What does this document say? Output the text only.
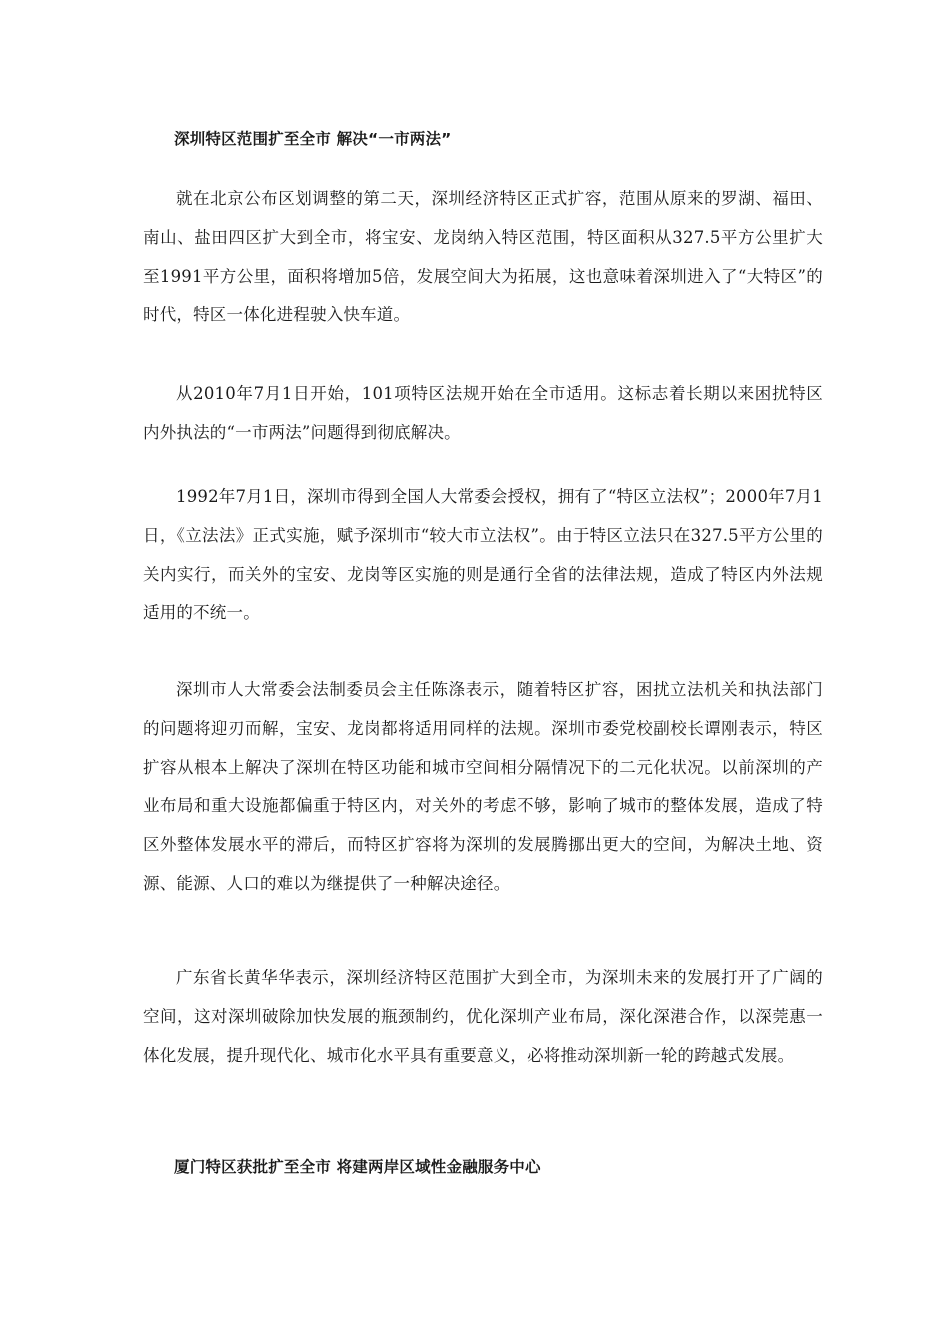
深圳特区范围扩至全市 解决“一市两法”

就在北京公布区划调整的第二天，深圳经济特区正式扩容，范围从原来的罗湖、福田、南山、盐田四区扩大到全市，将宝安、龙岗纳入特区范围，特区面积从327.5平方公里扩大至1991平方公里，面积将增加5倍，发展空间大为拓展，这也意味着深圳进入了“大特区”的时代，特区一体化进程驶入快车道。

从2010年7月1日开始，101项特区法规开始在全市适用。这标志着长期以来困扰特区内外执法的“一市两法”问题得到彻底解决。

1992年7月1日，深圳市得到全国人大常委会授权，拥有了“特区立法权”；2000年7月1日，《立法法》正式实施，赋予深圳市“较大市立法权”。由于特区立法只在327.5平方公里的关内实行，而关外的宝安、龙岗等区实施的则是通行全省的法律法规，造成了特区内外法规适用的不统一。

深圳市人大常委会法制委员会主任陈涤表示，随着特区扩容，困扰立法机关和执法部门的问题将迎刃而解，宝安、龙岗都将适用同样的法规。深圳市委党校副校长谭刚表示，特区扩容从根本上解决了深圳在特区功能和城市空间相分隔情况下的二元化状况。以前深圳的产业布局和重大设施都偏重于特区内，对关外的考虑不够，影响了城市的整体发展，造成了特区外整体发展水平的滞后，而特区扩容将为深圳的发展腾挪出更大的空间，为解决土地、资源、能源、人口的难以为继提供了一种解决途径。

广东省长黄华华表示，深圳经济特区范围扩大到全市，为深圳未来的发展打开了广阔的空间，这对深圳破除加快发展的瓶颈制约，优化深圳产业布局，深化深港合作，以深莞惠一体化发展，提升现代化、城市化水平具有重要意义，必将推动深圳新一轮的跨越式发展。

厦门特区获批扩至全市 将建两岸区域性金融服务中心
